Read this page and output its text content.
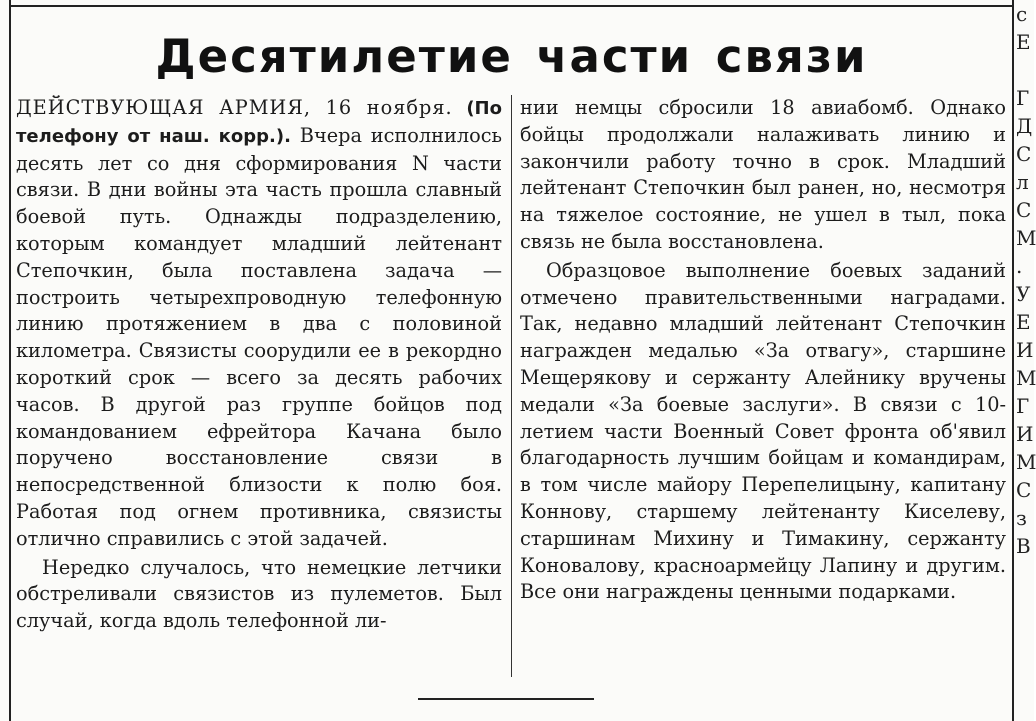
с
Е

Г
Д
С
л
С
М
.
У
Е
И
М
Г
И
М
С
з
В
Десятилетие части связи

ДЕЙСТВУЮЩАЯ АРМИЯ, 16 ноября. (По телефону от наш. корр.). Вчера исполнилось десять лет со дня сформирования N части связи. В дни войны эта часть прошла славный боевой путь. Однажды подразделению, которым командует младший лейтенант Степочкин, была поставлена задача — построить четырехпроводную телефонную линию протяжением в два с половиной километра. Связисты соорудили ее в рекордно короткий срок — всего за десять рабочих часов. В другой раз группе бойцов под командованием ефрейтора Качана было поручено восстановление связи в непосредственной близости к полю боя. Работая под огнем противника, связисты отлично справились с этой задачей.

Нередко случалось, что немецкие летчики обстреливали связистов из пулеметов. Был случай, когда вдоль телефонной ли-

нии немцы сбросили 18 авиабомб. Однако бойцы продолжали налаживать линию и закончили работу точно в срок. Младший лейтенант Степочкин был ранен, но, несмотря на тяжелое состояние, не ушел в тыл, пока связь не была восстановлена.

Образцовое выполнение боевых заданий отмечено правительственными наградами. Так, недавно младший лейтенант Степочкин награжден медалью «За отвагу», старшине Мещерякову и сержанту Алейнику вручены медали «За боевые заслуги». В связи с 10-летием части Военный Совет фронта об'явил благодарность лучшим бойцам и командирам, в том числе майору Перепелицыну, капитану Коннову, старшему лейтенанту Киселеву, старшинам Михину и Тимакину, сержанту Коновалову, красноармейцу Лапину и другим. Все они награждены ценными подарками.
